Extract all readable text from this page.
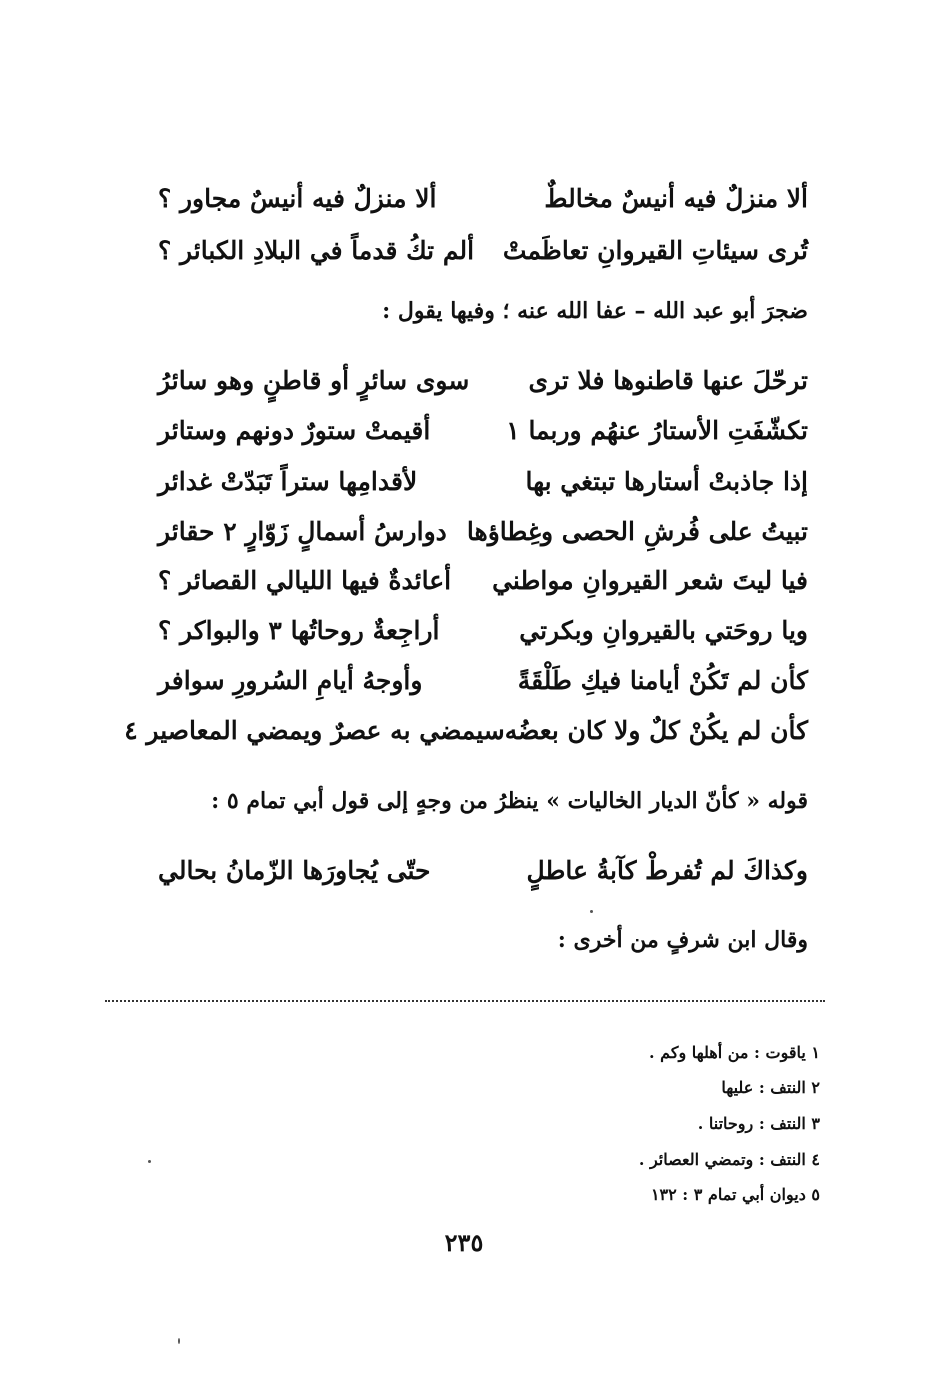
ألا منزلٌ فيه أنيسٌ مخالطٌ
ألا منزلٌ فيه أنيسٌ مجاور ؟
تُرى سيئاتِ القيروانِ تعاظَمتْ
ألم تكُ قدماً في البلادِ الكبائر ؟
ضجرَ أبو عبد الله – عفا الله عنه ؛ وفيها يقول :
ترحّلَ عنها قاطنوها فلا ترى
سوى سائرٍ أو قاطنٍ وهو سائرُ
تكشّفَتِ الأستارُ عنهُم وربما ١
أقيمتْ ستورٌ دونهم وستائر
إذا جاذبتْ أستارها تبتغي بها
لأقدامِها ستراً تَبَدّتْ غدائر
تبيتُ على فُرشِ الحصى وغِطاؤها
دوارسُ أسمالٍ زَوّارٍ ٢ حقائر
فيا ليتَ شعر القيروانِ مواطني
أعائدةٌ فيها الليالي القصائر ؟
ويا روحَتي بالقيروانِ وبكرتي
أراجِعةٌ روحاتُها ٣ والبواكر ؟
كأن لم تَكُنْ أيامنا فيكِ طَلْقَةً
وأوجهُ أيامِ السُرورِ سوافر
كأن لم يكُنْ كلٌ ولا كان بعضُه
سيمضي به عصرٌ ويمضي المعاصير ٤
قوله « كأنّ الديار الخاليات » ينظرُ من وجهٍ إلى قول أبي تمام ٥ :
وكذاكَ لم تُفرطْ كآبةُ عاطلٍ
حتّى يُجاورَها الزّمانُ بحالي
وقال ابن شرفٍ من أخرى :
١ ياقوت : من أهلها وكم .
٢ النتف : عليها
٣ النتف : روحاتنا .
٤ النتف : وتمضي العصائر .
٥ ديوان أبي تمام ٣ : ١٣٢
٢٣٥
